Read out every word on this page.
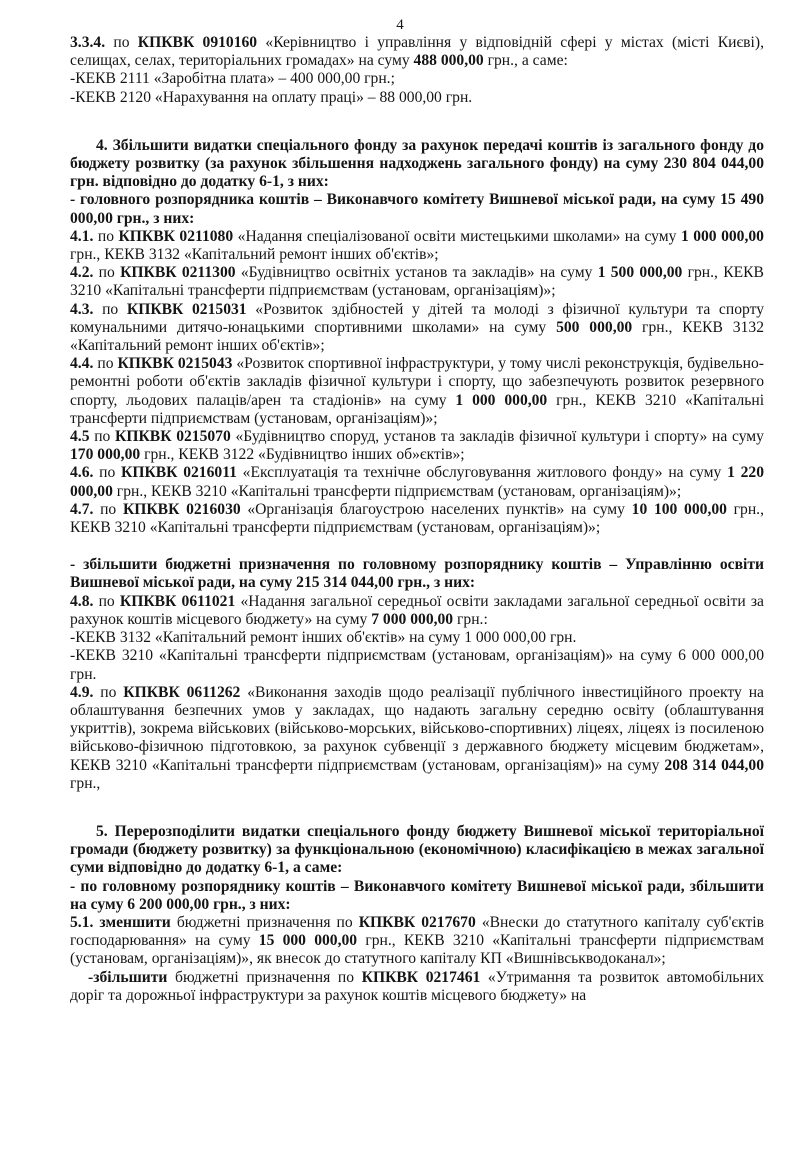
4

3.3.4. по КПКВК 0910160 «Керівництво і управління у відповідній сфері у містах (місті Києві), селищах, селах, територіальних громадах» на суму 488 000,00 грн., а саме:

-КЕКВ 2111 «Заробітна плата» – 400 000,00 грн.;

-КЕКВ 2120 «Нарахування на оплату праці» – 88 000,00 грн.

4. Збільшити видатки спеціального фонду за рахунок передачі коштів із загального фонду до бюджету розвитку (за рахунок збільшення надходжень загального фонду) на суму 230 804 044,00 грн. відповідно до додатку 6-1, з них:

- головного розпорядника коштів – Виконавчого комітету Вишневої міської ради, на суму 15 490 000,00 грн., з них:

4.1. по КПКВК 0211080 «Надання спеціалізованої освіти мистецькими школами» на суму 1 000 000,00 грн., КЕКВ 3132 «Капітальний ремонт інших об'єктів»;

4.2. по КПКВК 0211300 «Будівництво освітніх установ та закладів» на суму 1 500 000,00 грн., КЕКВ 3210 «Капітальні трансферти підприємствам (установам, організаціям)»;

4.3. по КПКВК 0215031 «Розвиток здібностей у дітей та молоді з фізичної культури та спорту комунальними дитячо-юнацькими спортивними школами» на суму 500 000,00 грн., КЕКВ 3132 «Капітальний ремонт інших об'єктів»;

4.4. по КПКВК 0215043 «Розвиток спортивної інфраструктури, у тому числі реконструкція, будівельно-ремонтні роботи об'єктів закладів фізичної культури і спорту, що забезпечують розвиток резервного спорту, льодових палаців/арен та стадіонів» на суму 1 000 000,00 грн., КЕКВ 3210 «Капітальні трансферти підприємствам (установам, організаціям)»;

4.5 по КПКВК 0215070 «Будівництво споруд, установ та закладів фізичної культури і спорту» на суму 170 000,00 грн., КЕКВ 3122 «Будівництво інших об»єктів»;

4.6. по КПКВК 0216011 «Експлуатація та технічне обслуговування житлового фонду» на суму 1 220 000,00 грн., КЕКВ 3210 «Капітальні трансферти підприємствам (установам, організаціям)»;

4.7. по КПКВК 0216030 «Організація благоустрою населених пунктів» на суму 10 100 000,00 грн., КЕКВ 3210 «Капітальні трансферти підприємствам (установам, організаціям)»;

- збільшити бюджетні призначення по головному розпоряднику коштів – Управлінню освіти Вишневої міської ради, на суму 215 314 044,00 грн., з них:

4.8. по КПКВК 0611021 «Надання загальної середньої освіти закладами загальної середньої освіти за рахунок коштів місцевого бюджету» на суму 7 000 000,00 грн.:

-КЕКВ 3132 «Капітальний ремонт інших об'єктів» на суму 1 000 000,00 грн.

-КЕКВ 3210 «Капітальні трансферти підприємствам (установам, організаціям)» на суму 6 000 000,00 грн.

4.9. по КПКВК 0611262 «Виконання заходів щодо реалізації публічного інвестиційного проекту на облаштування безпечних умов у закладах, що надають загальну середню освіту (облаштування укриттів), зокрема військових (військово-морських, військово-спортивних) ліцеях, ліцеях із посиленою військово-фізичною підготовкою, за рахунок субвенції з державного бюджету місцевим бюджетам», КЕКВ 3210 «Капітальні трансферти підприємствам (установам, організаціям)» на суму 208 314 044,00 грн.,

5. Перерозподілити видатки спеціального фонду бюджету Вишневої міської територіальної громади (бюджету розвитку) за функціональною (економічною) класифікацією в межах загальної суми відповідно до додатку 6-1, а саме:

- по головному розпоряднику коштів – Виконавчого комітету Вишневої міської ради, збільшити на суму 6 200 000,00 грн., з них:

5.1. зменшити бюджетні призначення по КПКВК 0217670 «Внески до статутного капіталу суб'єктів господарювання» на суму 15 000 000,00 грн., КЕКВ 3210 «Капітальні трансферти підприємствам (установам, організаціям)», як внесок до статутного капіталу КП «Вишнівськводоканал»;

-збільшити бюджетні призначення по КПКВК 0217461 «Утримання та розвиток автомобільних доріг та дорожньої інфраструктури за рахунок коштів місцевого бюджету» на
